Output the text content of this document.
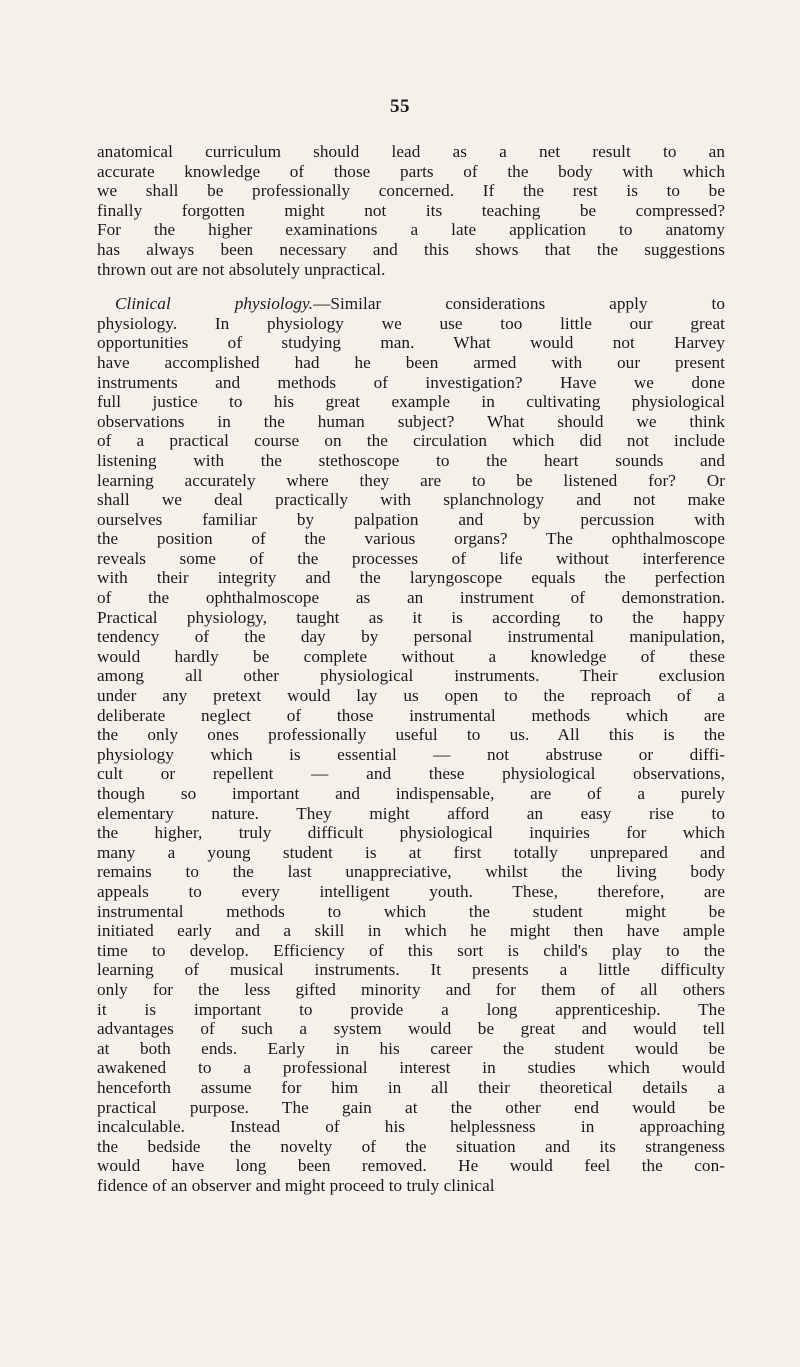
55
anatomical curriculum should lead as a net result to an
accurate knowledge of those parts of the body with which
we shall be professionally concerned. If the rest is to be
finally forgotten might not its teaching be compressed?
For the higher examinations a late application to anatomy
has always been necessary and this shows that the suggestions
thrown out are not absolutely unpractical.
Clinical physiology.—Similar considerations apply to
physiology. In physiology we use too little our great
opportunities of studying man. What would not Harvey
have accomplished had he been armed with our present
instruments and methods of investigation? Have we done
full justice to his great example in cultivating physiological
observations in the human subject? What should we think
of a practical course on the circulation which did not include
listening with the stethoscope to the heart sounds and
learning accurately where they are to be listened for? Or
shall we deal practically with splanchnology and not make
ourselves familiar by palpation and by percussion with
the position of the various organs? The ophthalmoscope
reveals some of the processes of life without interference
with their integrity and the laryngoscope equals the perfection
of the ophthalmoscope as an instrument of demonstration.
Practical physiology, taught as it is according to the happy
tendency of the day by personal instrumental manipulation,
would hardly be complete without a knowledge of these
among all other physiological instruments. Their exclusion
under any pretext would lay us open to the reproach of a
deliberate neglect of those instrumental methods which are
the only ones professionally useful to us. All this is the
physiology which is essential — not abstruse or diffi-
cult or repellent — and these physiological observations,
though so important and indispensable, are of a purely
elementary nature. They might afford an easy rise to
the higher, truly difficult physiological inquiries for which
many a young student is at first totally unprepared and
remains to the last unappreciative, whilst the living body
appeals to every intelligent youth. These, therefore, are
instrumental methods to which the student might be
initiated early and a skill in which he might then have ample
time to develop. Efficiency of this sort is child's play to the
learning of musical instruments. It presents a little difficulty
only for the less gifted minority and for them of all others
it is important to provide a long apprenticeship. The
advantages of such a system would be great and would tell
at both ends. Early in his career the student would be
awakened to a professional interest in studies which would
henceforth assume for him in all their theoretical details a
practical purpose. The gain at the other end would be
incalculable. Instead of his helplessness in approaching
the bedside the novelty of the situation and its strangeness
would have long been removed. He would feel the con-
fidence of an observer and might proceed to truly clinical
